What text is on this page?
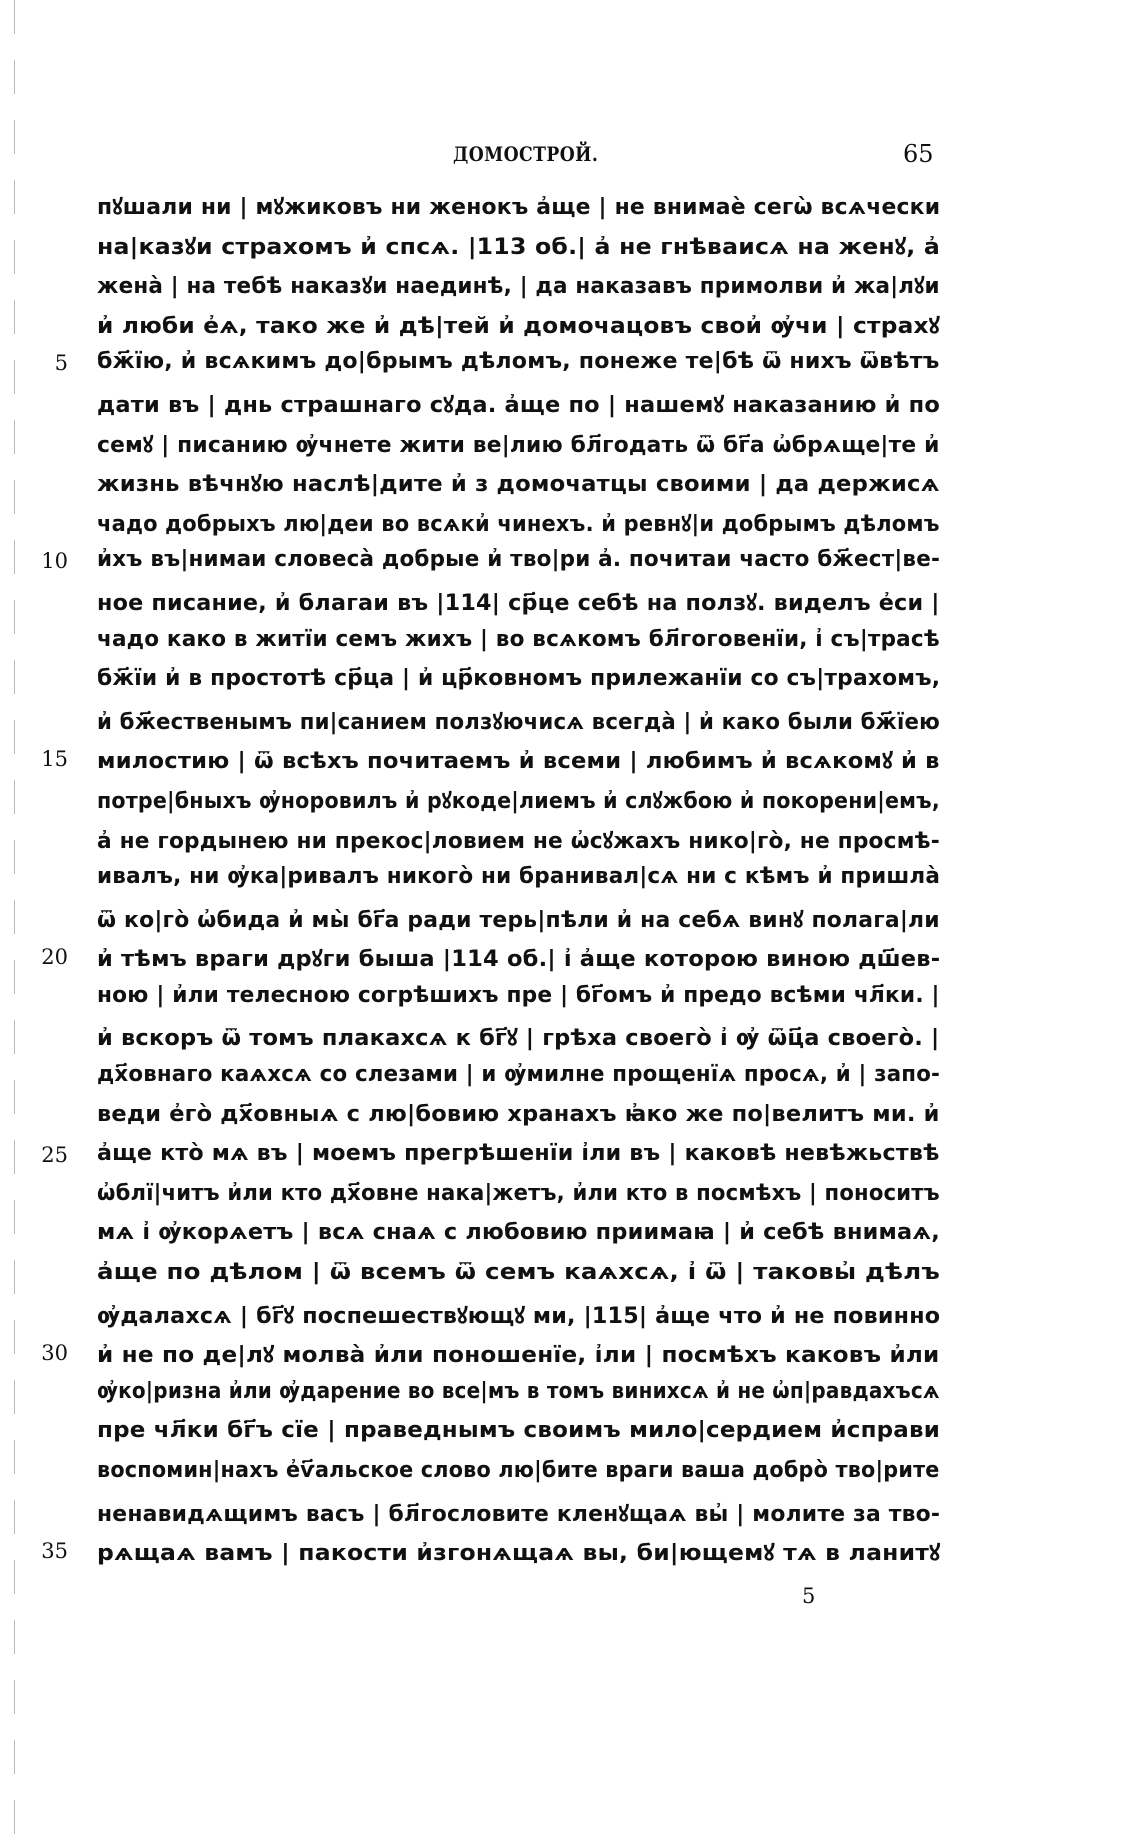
ДОМОСТРОЙ.	65
пꙋшали ни | мꙋжиковъ ни женокъ а҆ще | не внимаѐ сегѡ̀ всѧчески
на|казꙋи страхомъ и҆ спсѧ. |113 об.| а҆ не гнѣваисѧ на женꙋ, а҆
жена̀ | на тебѣ наказꙋи наединѣ, | да наказавъ примолви и҆ жа|лꙋи
и҆ люби е҆ѧ, тако же и҆ дѣ|тей и҆ домочацовъ свои҆ ѹ҆чи | страхꙋ
5 бж҃їю, и҆ всѧкимъ до|брымъ дѣломъ, понеже те|бѣ ѿ нихъ ѿвѣтъ
дати въ | днь страшнаго сꙋда. а҆ще по | нашемꙋ наказанию и҆ по
семꙋ | писанию ѹ҆чнете жити ве|лию бл҃годать ѿ бг҃а ѡ҆брѧще|те и҆
жизнь вѣчнꙋю наслѣ|дите и҆ з домочатцы своими | да держисѧ
чадо добрыхъ лю|деи во всѧки҆ чинехъ. и҆ ревнꙋ|и добрымъ дѣломъ
10 и҆хъ въ|нимаи словеса̀ добрые и҆ тво|ри а҆. почитаи часто бж҃ест|ве-
ное писание, и҆ благаи въ |114| ср҃це себѣ на ползꙋ. виделъ е҆си |
чадо како в житїи семъ жихъ | во всѧкомъ бл҃гоговенїи, і҆ съ|трасѣ
бж҃їи и҆ в простотѣ ср҃ца | и҆ цр҃ковномъ прилежанїи со съ|трахомъ,
и҆ бж҃ественымъ пи|санием ползꙋючисѧ всегда̀ | и҆ како были бж҃їею
15 милостию | ѿ всѣхъ почитаемъ и҆ всеми | любимъ и҆ всѧкомꙋ и҆ в
потре|бныхъ ѹ҆норовилъ и҆ рꙋкоде|лиемъ и҆ слꙋжбою и҆ покорени|емъ,
а҆ не гордынею ни прекос|ловием не ѡ҆сꙋжахъ нико|го̀, не просмѣ-
ивалъ, ни ѹ҆ка|ривалъ никого̀ ни бранивал|сѧ ни с кѣмъ и҆ пришла̀
ѿ ко|го̀ ѡ҆бида и҆ мы̀ бг҃а ради терь|пѣли и҆ на себѧ винꙋ полага|ли
20 и҆ тѣмъ враги дрꙋги быша |114 об.| і҆ а҆ще которою виною дш҃ев-
ною | и҆ли телесною согрѣшихъ пре | бг҃омъ и҆ предо всѣми чл҃ки. |
и҆ вскоръ ѿ томъ плакахсѧ к бг҃ꙋ | грѣха своего̀ і҆ ѹ҆ ѿц҃а своего̀. |
дх҃овнаго каѧхсѧ со слезами | и ѹ҆милне прощенїѧ просѧ, и҆ | запо-
веди е҆го̀ дх҃овныѧ с лю|бовию хранахъ ꙗ҆ко же по|велитъ ми. и҆
25 а҆ще кто̀ мѧ въ | моемъ прегрѣшенїи і҆ли въ | каковѣ невѣжьствѣ
ѡ҆блї|читъ и҆ли кто дх҃овне нака|жетъ, и҆ли кто в посмѣхъ | поноситъ
мѧ і҆ ѹ҆корѧетъ | всѧ снаѧ с любовию приимаꙗ | и҆ себѣ внимаѧ,
а҆ще по дѣлом | ѿ всемъ ѿ семъ каѧхсѧ, і҆ ѿ | таковы҆ дѣлъ
ѹ҆далахсѧ | бг҃ꙋ поспешествꙋющꙋ ми, |115| а҆ще что и҆ не повинно
30 и҆ не по де|лꙋ молва̀ и҆ли поношенїе, і҆ли | посмѣхъ каковъ и҆ли
ѹ҆ко|ризна и҆ли ѹ҆дарение во все|мъ в томъ винихсѧ и҆ не ѡ҆п|равдахъсѧ
пре чл҃ки бг҃ъ сїе | праведнымъ своимъ мило|сердием и҆справи
воспомин|нахъ е҆ѵ҃альское слово лю|бите враги ваша добро̀ тво|рите
ненавидѧщимъ васъ | бл҃гословите кленꙋщаѧ вы҆ | молите за тво-
35 рѧщаѧ вамъ | пакости и҆згонѧщаѧ вы, би|ющемꙋ тѧ в ланитꙋ
5
